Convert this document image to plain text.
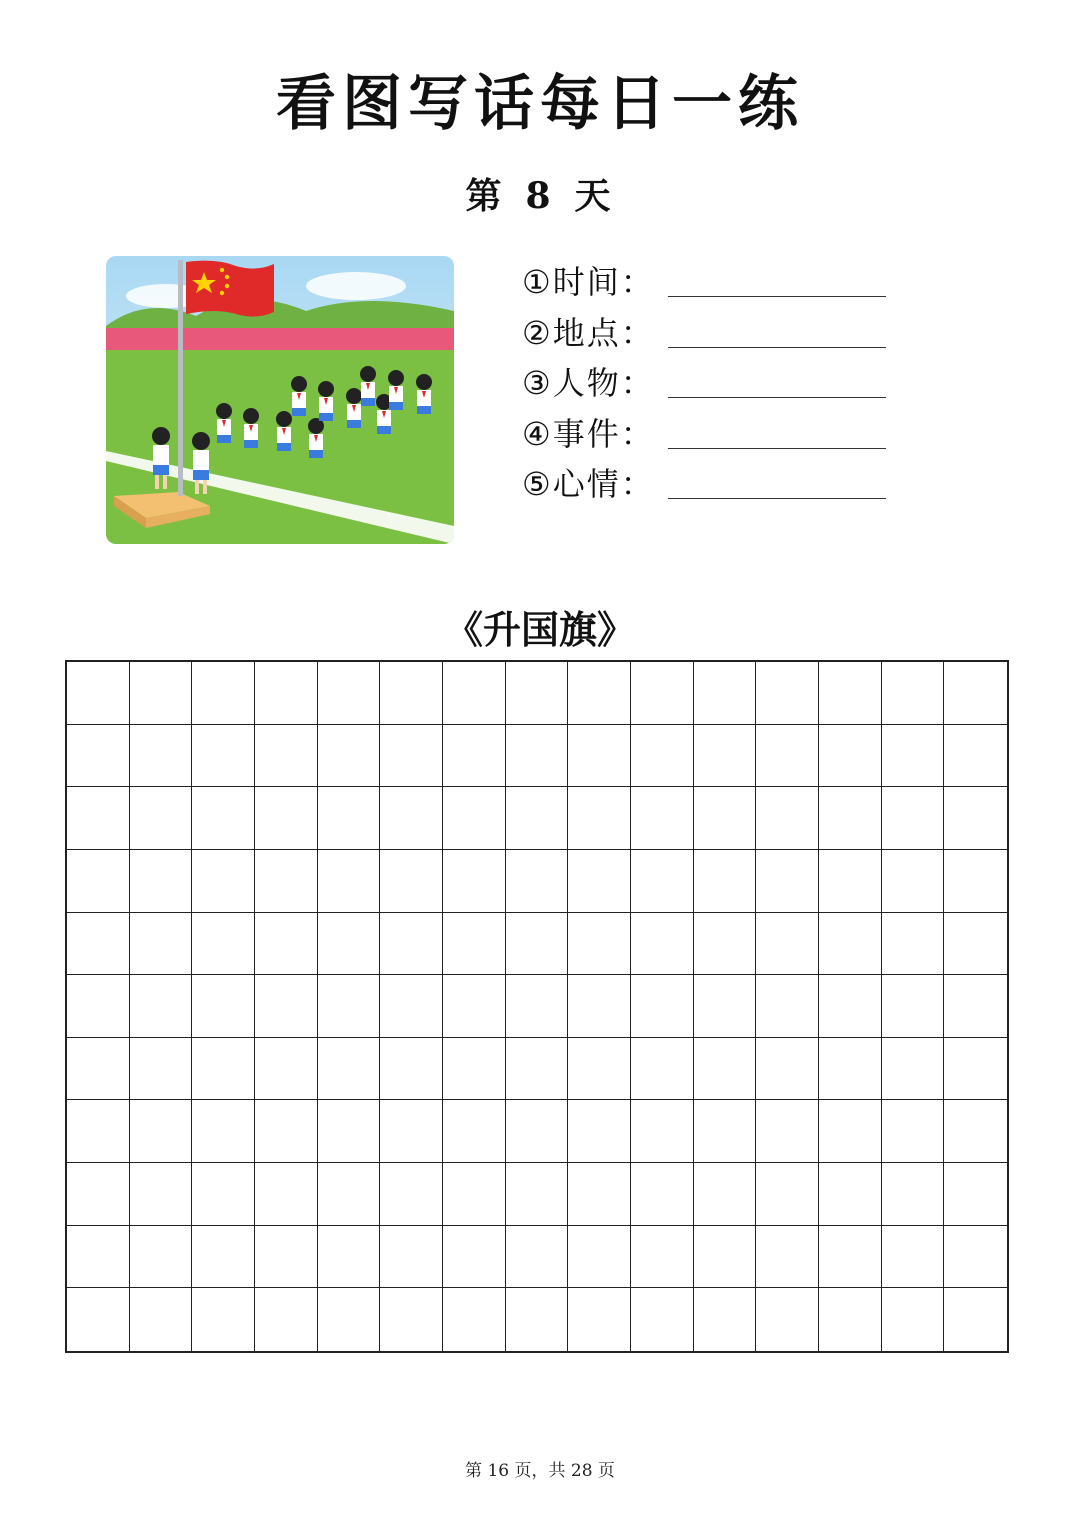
看图写话每日一练
第 8 天
①时间：
②地点：
③人物：
④事件：
⑤心情：
《升国旗》
第 16 页，共 28 页
